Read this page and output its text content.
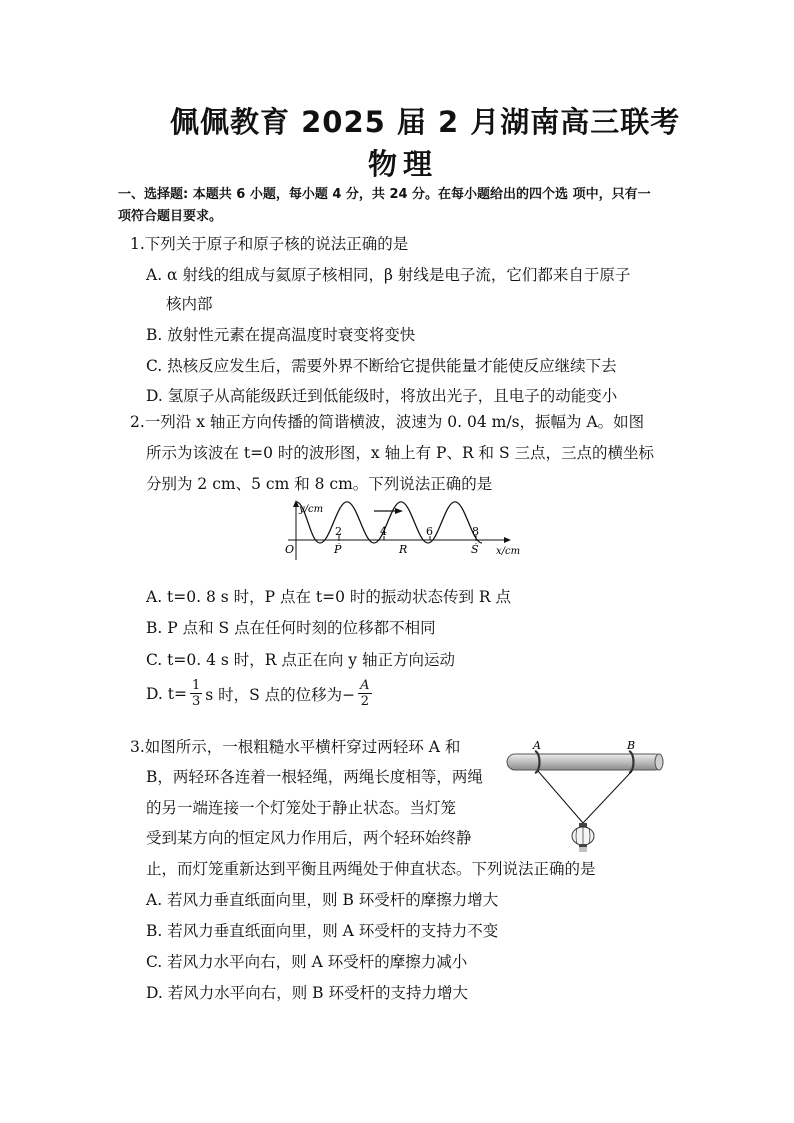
佩佩教育 2025 届 2 月湖南高三联考
物理
一、选择题: 本题共 6 小题，每小题 4 分，共 24 分。在每小题给出的四个选 项中，只有一
项符合题目要求。
1.下列关于原子和原子核的说法正确的是
A. α 射线的组成与氦原子核相同，β 射线是电子流，它们都来自于原子
核内部
B. 放射性元素在提高温度时衰变将变快
C. 热核反应发生后，需要外界不断给它提供能量才能使反应继续下去
D. 氢原子从高能级跃迁到低能级时，将放出光子，且电子的动能变小
2.一列沿 x 轴正方向传播的简谐横波，波速为 0. 04 m/s，振幅为 A。如图
所示为该波在 t=0 时的波形图，x 轴上有 P、R 和 S 三点，三点的横坐标
分别为 2 cm、5 cm 和 8 cm。下列说法正确的是
y/cm
x/cm
O
2	4	6	8
P	R	S
A. t=0. 8 s 时，P 点在 t=0 时的振动状态传到 R 点
B. P 点和 S 点在任何时刻的位移都不相同
C. t=0. 4 s 时，R 点正在向 y 轴正方向运动
D. $t= \frac{1}{3}$ s 时，S 点的位移为− $\frac{A}{2}$
3.如图所示，一根粗糙水平横杆穿过两轻环 A 和
B，两轻环各连着一根轻绳，两绳长度相等，两绳
的另一端连接一个灯笼处于静止状态。当灯笼
受到某方向的恒定风力作用后，两个轻环始终静
止，而灯笼重新达到平衡且两绳处于伸直状态。下列说法正确的是
A	B
A. 若风力垂直纸面向里，则 B 环受杆的摩擦力增大
B. 若风力垂直纸面向里，则 A 环受杆的支持力不变
C. 若风力水平向右，则 A 环受杆的摩擦力减小
D. 若风力水平向右，则 B 环受杆的支持力增大
